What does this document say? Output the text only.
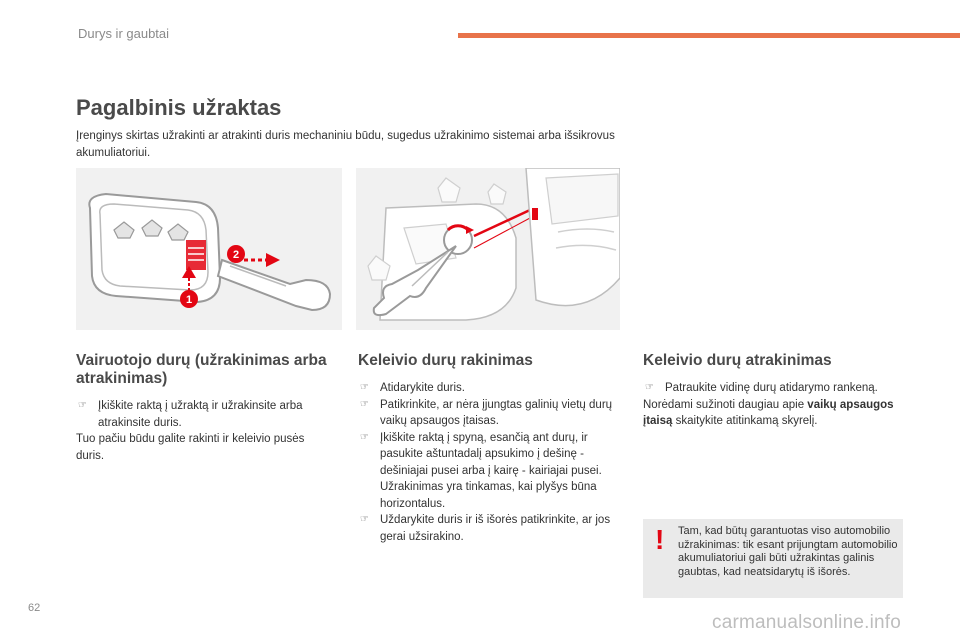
Durys ir gaubtai
Pagalbinis užraktas
Įrenginys skirtas užrakinti ar atrakinti duris mechaniniu būdu, sugedus užrakinimo sistemai arba išsikrovus akumuliatoriui.
1
2
Vairuotojo durų (užrakinimas arba atrakinimas)
☞ Įkiškite raktą į užraktą ir užrakinsite arba atrakinsite duris.

Tuo pačiu būdu galite rakinti ir keleivio pusės duris.

Keleivio durų rakinimas
☞ Atidarykite duris.
☞ Patikrinkite, ar nėra įjungtas galinių vietų durų vaikų apsaugos įtaisas.
☞ Įkiškite raktą į spyną, esančią ant durų, ir pasukite aštuntadalį apsukimo į dešinę - dešiniajai pusei arba į kairę - kairiajai pusei.
Užrakinimas yra tinkamas, kai plyšys būna horizontalus.
☞ Uždarykite duris ir iš išorės patikrinkite, ar jos gerai užsirakino.
Keleivio durų atrakinimas
☞ Patraukite vidinę durų atidarymo rankeną.

Norėdami sužinoti daugiau apie vaikų apsaugos įtaisą skaitykite atitinkamą skyrelį.

! Tam, kad būtų garantuotas viso automobilio užrakinimas: tik esant prijungtam automobilio akumuliatoriui gali būti užrakintas galinis gaubtas, kad neatsidarytų iš išorės.
62
carmanualsonline.info
